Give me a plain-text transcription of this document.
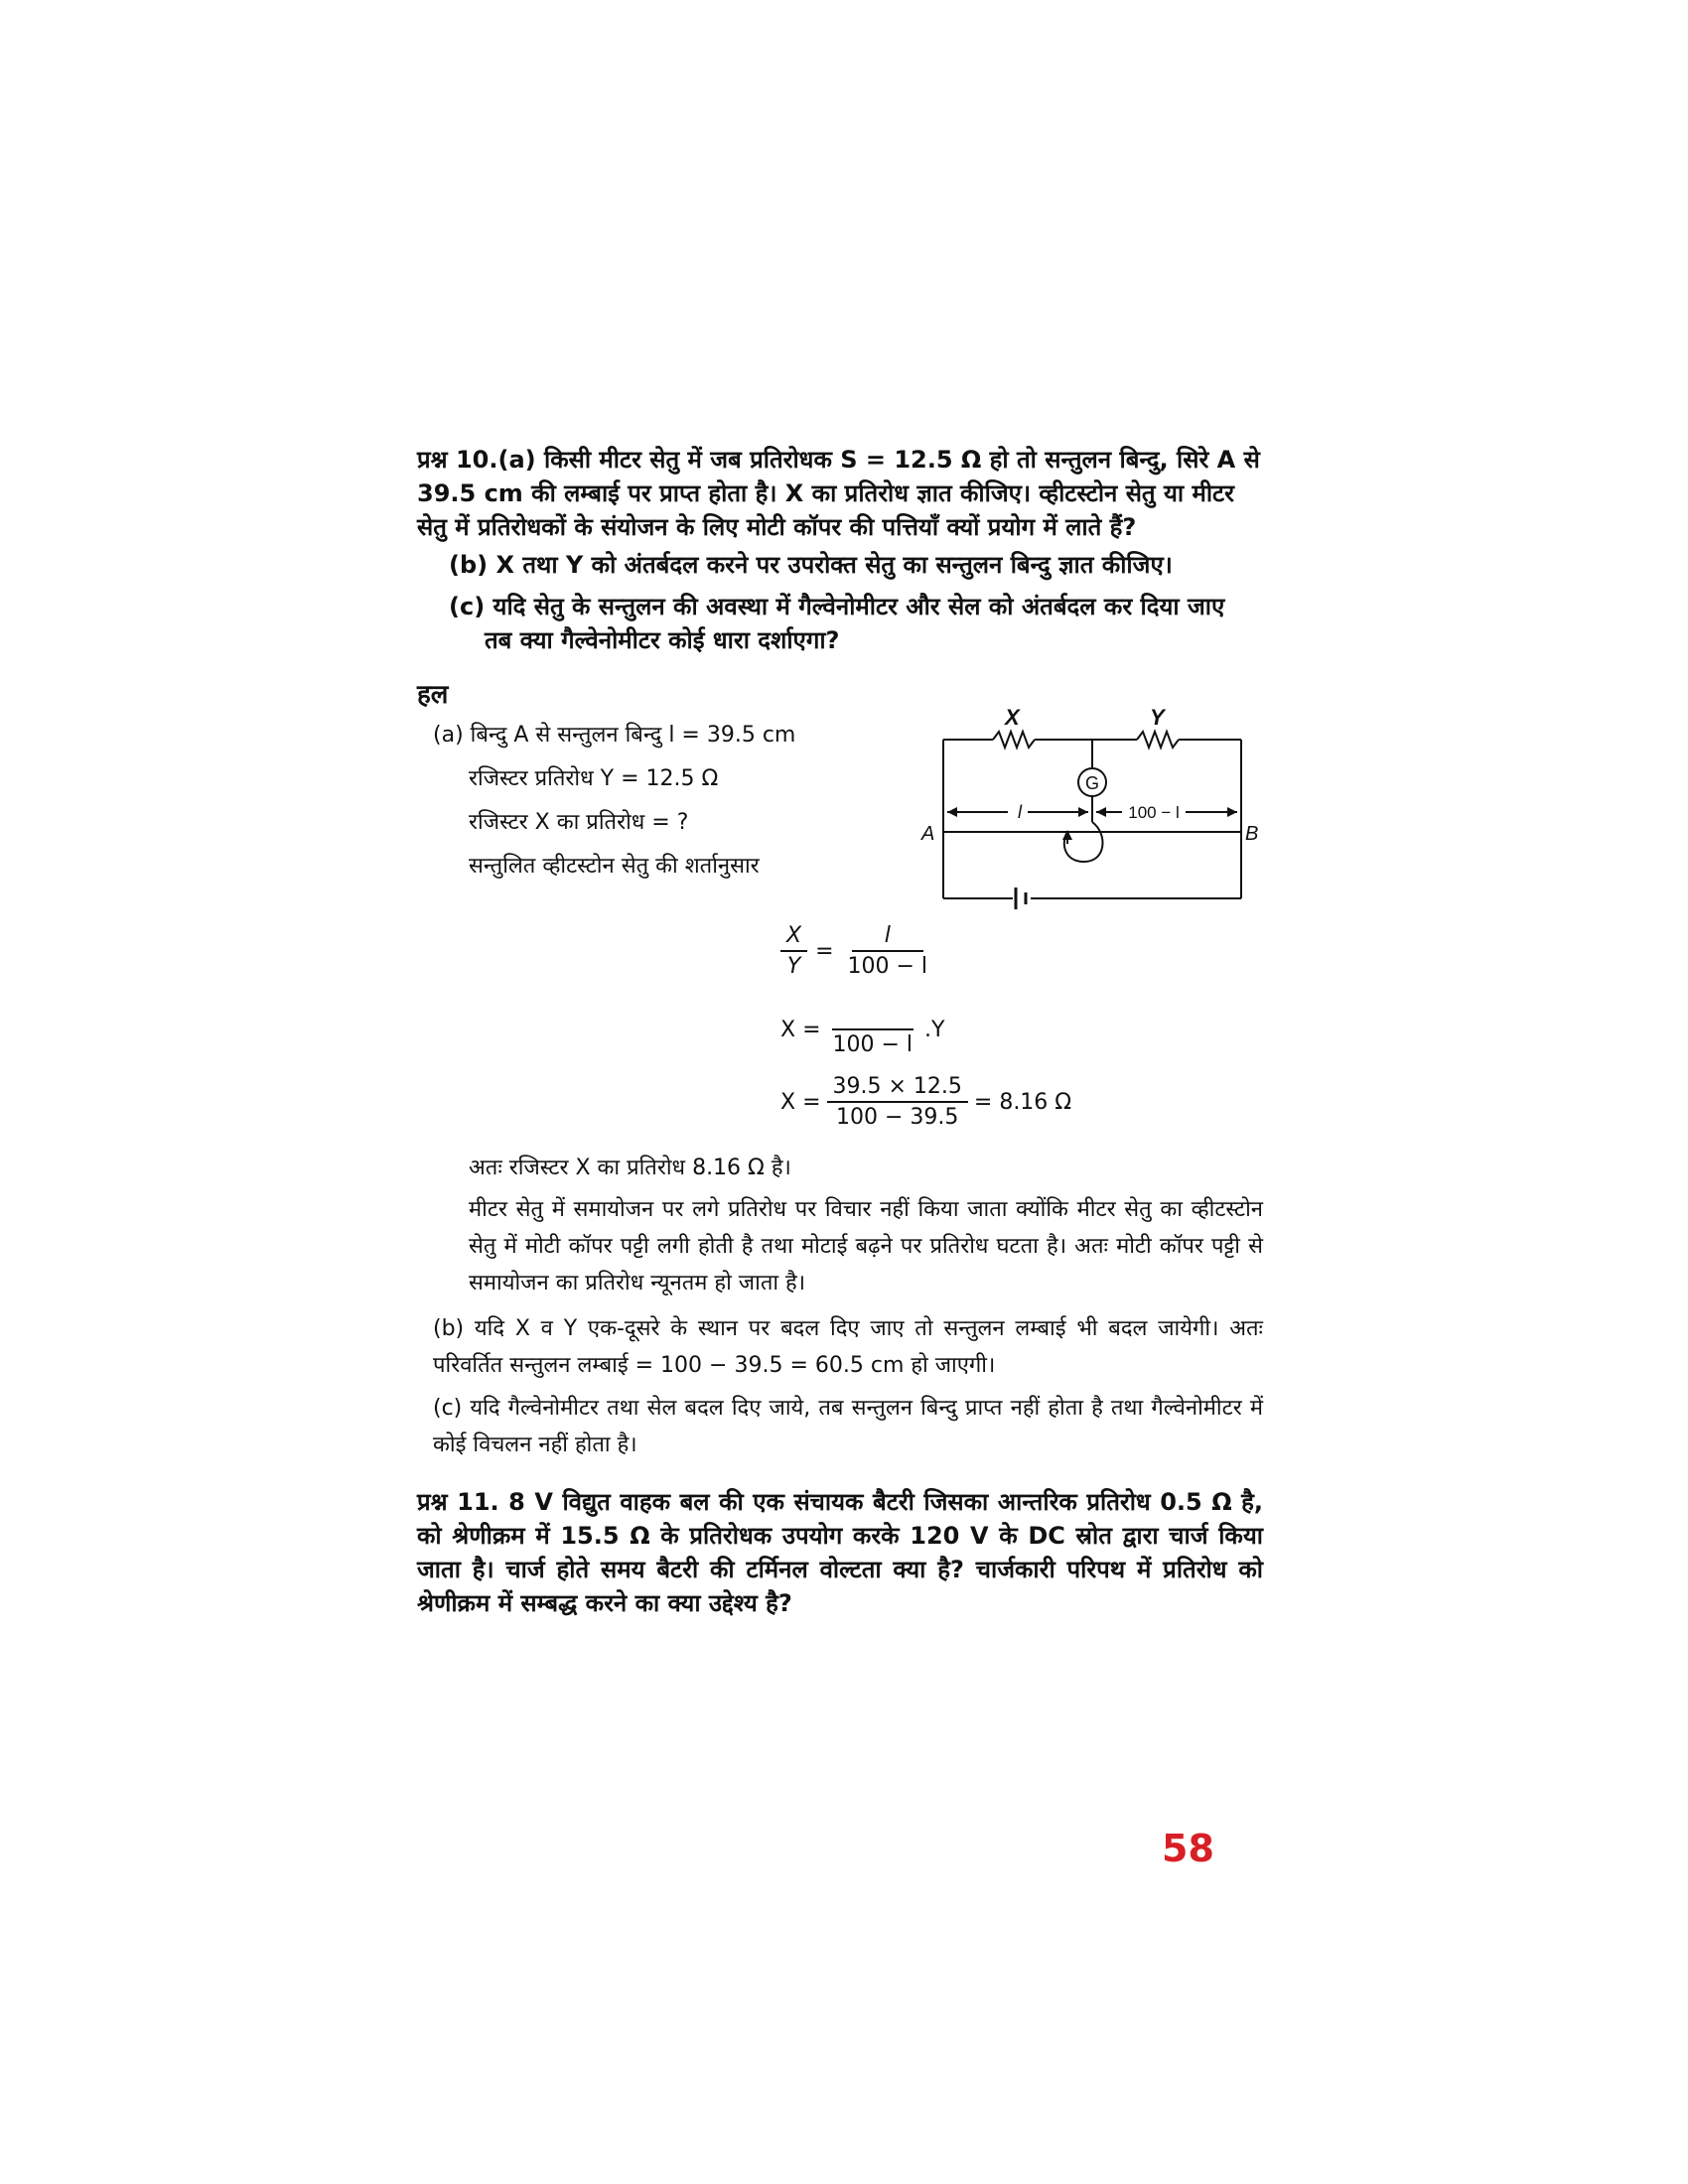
प्रश्न 10.(a) किसी मीटर सेतु में जब प्रतिरोधक S = 12.5 Ω हो तो सन्तुलन बिन्दु, सिरे A से 39.5 cm की लम्बाई पर प्राप्त होता है। X का प्रतिरोध ज्ञात कीजिए। व्हीटस्टोन सेतु या मीटर सेतु में प्रतिरोधकों के संयोजन के लिए मोटी कॉपर की पत्तियाँ क्यों प्रयोग में लाते हैं?
(b) X तथा Y को अंतर्बदल करने पर उपरोक्त सेतु का सन्तुलन बिन्दु ज्ञात कीजिए।
(c) यदि सेतु के सन्तुलन की अवस्था में गैल्वेनोमीटर और सेल को अंतर्बदल कर दिया जाए
तब क्या गैल्वेनोमीटर कोई धारा दर्शाएगा?
हल
(a) बिन्दु A से सन्तुलन बिन्दु l = 39.5 cm
रजिस्टर प्रतिरोध Y = 12.5 Ω
रजिस्टर X का प्रतिरोध = ?
सन्तुलित व्हीटस्टोन सेतु की शर्तानुसार
X	Y
G
A	B
l	100 − l
$\frac{X}{Y} = \frac{l}{100 - l}$
X =
100 − l
.Y
$X = \frac{39.5 \times 12.5}{100 - 39.5} = 8.16$ Ω
अतः रजिस्टर X का प्रतिरोध 8.16 Ω है।
मीटर सेतु में समायोजन पर लगे प्रतिरोध पर विचार नहीं किया जाता क्योंकि मीटर सेतु का व्हीटस्टोन सेतु में मोटी कॉपर पट्टी लगी होती है तथा मोटाई बढ़ने पर प्रतिरोध घटता है। अतः मोटी कॉपर पट्टी से समायोजन का प्रतिरोध न्यूनतम हो जाता है।
(b) यदि X व Y एक-दूसरे के स्थान पर बदल दिए जाए तो सन्तुलन लम्बाई भी बदल जायेगी। अतः परिवर्तित सन्तुलन लम्बाई = 100 − 39.5 = 60.5 cm हो जाएगी।
(c) यदि गैल्वेनोमीटर तथा सेल बदल दिए जाये, तब सन्तुलन बिन्दु प्राप्त नहीं होता है तथा गैल्वेनोमीटर में कोई विचलन नहीं होता है।
प्रश्न 11. 8 V विद्युत वाहक बल की एक संचायक बैटरी जिसका आन्तरिक प्रतिरोध 0.5 Ω है, को श्रेणीक्रम में 15.5 Ω के प्रतिरोधक उपयोग करके 120 V के DC स्रोत द्वारा चार्ज किया जाता है। चार्ज होते समय बैटरी की टर्मिनल वोल्टता क्या है? चार्जकारी परिपथ में प्रतिरोध को श्रेणीक्रम में सम्बद्ध करने का क्या उद्देश्य है?
58
